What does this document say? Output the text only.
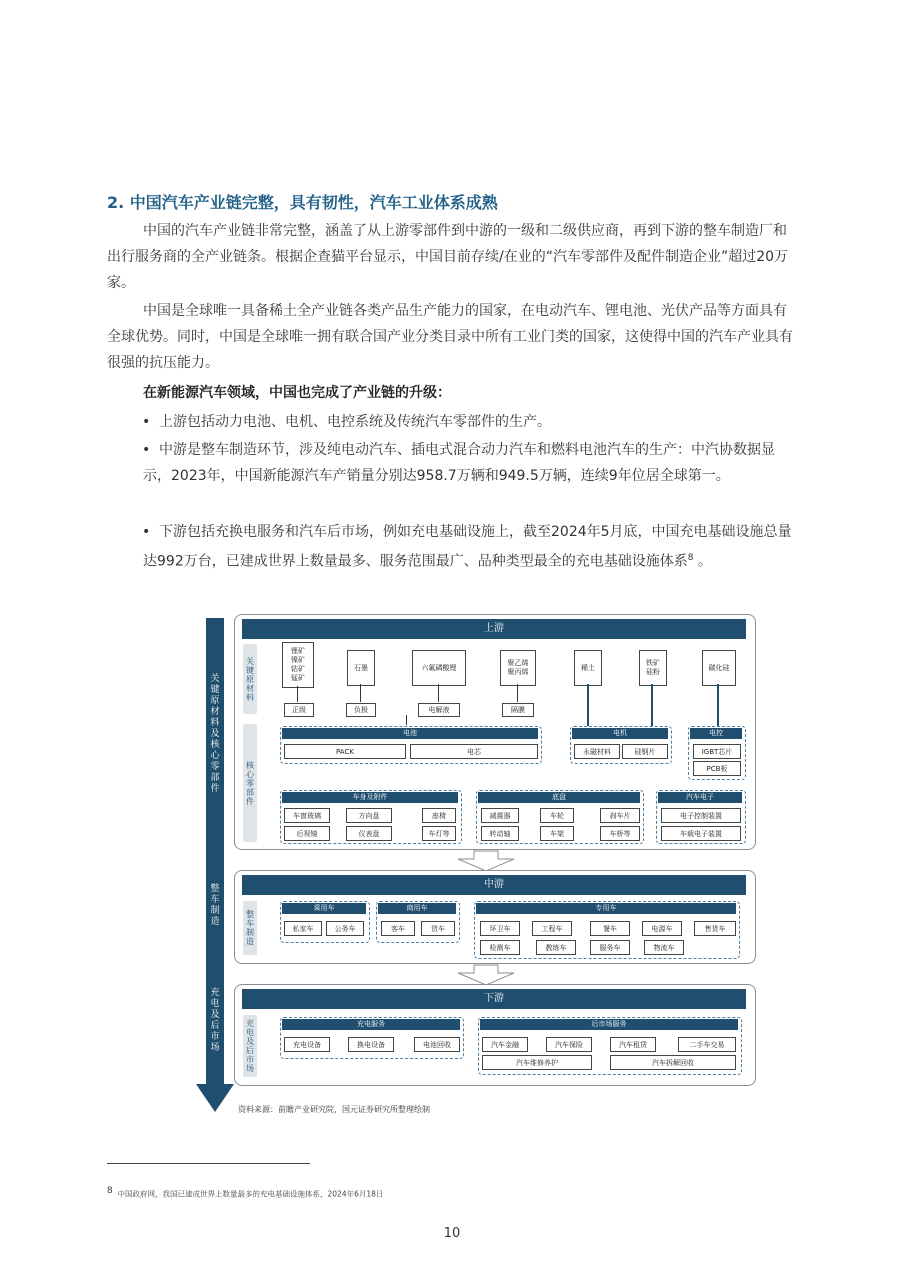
2. 中国汽车产业链完整，具有韧性，汽车工业体系成熟
中国的汽车产业链非常完整，涵盖了从上游零部件到中游的一级和二级供应商，再到下游的整车制造厂和出行服务商的全产业链条。根据企查猫平台显示，中国目前存续/在业的“汽车零部件及配件制造企业”超过20万家。
中国是全球唯一具备稀土全产业链各类产品生产能力的国家，在电动汽车、锂电池、光伏产品等方面具有全球优势。同时，中国是全球唯一拥有联合国产业分类目录中所有工业门类的国家，这使得中国的汽车产业具有很强的抗压能力。
在新能源汽车领域，中国也完成了产业链的升级：
• 上游包括动力电池、电机、电控系统及传统汽车零部件的生产。
• 中游是整车制造环节，涉及纯电动汽车、插电式混合动力汽车和燃料电池汽车的生产：中汽协数据显示，2023年，中国新能源汽车产销量分别达958.7万辆和949.5万辆，连续9年位居全球第一。
• 下游包括充换电服务和汽车后市场，例如充电基础设施上，截至2024年5月底，中国充电基础设施总量达992万台，已建成世界上数量最多、服务范围最广、品种类型最全的充电基础设施体系$^8$ 。
关键原材料及核心零部件
整车制造
充电及后市场
上游
关键原材料
核心零部件
锂矿
镍矿
钴矿
锰矿
石墨	六氟磷酸锂
聚乙烯
聚丙烯
稀土
铁矿
硅粉
碳化硅
正级	负极	电解液	隔膜
电池
PACK	电芯
电机
永磁材料	硅钢片
电控
IGBT芯片
PCB板
车身及附件
车窗玻璃	方向盘	座椅
后视镜	仪表盘	车灯等
底盘
减震器	车轮	刹车片
转动轴	车架	车桥等
汽车电子
电子控制装置
车载电子装置
中游
整车制造
乘用车
私家车	公务车
商用车
客车	货车
专用车
环卫车	工程车	餐车	电源车	售货车
检测车	教练车	服务车	物流车
下游
充电及后市场
充电服务
充电设备	换电设备	电池回收
后市场服务
汽车金融	汽车保险	汽车租赁	二手车交易
汽车维修养护	汽车拆解回收
资料来源：前瞻产业研究院，国元证券研究所整理绘制
$^8$ 中国政府网，我国已建成世界上数量最多的充电基础设施体系，2024年6月18日
10
